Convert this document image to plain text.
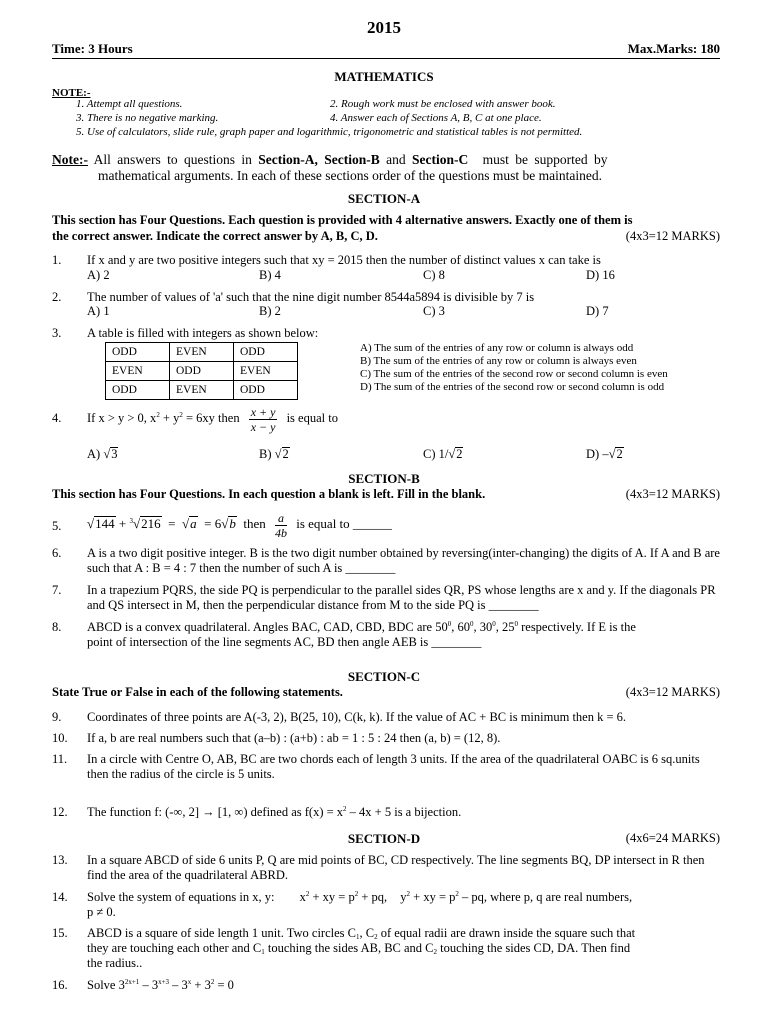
2015
Time: 3 Hours	Max.Marks: 180
MATHEMATICS
NOTE:-
1. Attempt all questions.	2. Rough work must be enclosed with answer book.
3. There is no negative marking.	4. Answer each of Sections A, B, C at one place.
5. Use of calculators, slide rule, graph paper and logarithmic, trigonometric and statistical tables is not permitted.
Note:- All answers to questions in Section-A, Section-B and Section-C must be supported by
mathematical arguments. In each of these sections order of the questions must be maintained.
SECTION-A
This section has Four Questions. Each question is provided with 4 alternative answers. Exactly one of them is
the correct answer. Indicate the correct answer by A, B, C, D.	(4x3=12 MARKS)
1. If x and y are two positive integers such that xy = 2015 then the number of distinct values x can take is
A) 2	B) 4	C) 8	D) 16
2. The number of values of 'a' such that the nine digit number 8544a5894 is divisible by 7 is
A) 1	B) 2	C) 3	D) 7
3. A table is filled with integers as shown below:
ODD	EVEN	ODD
EVEN	ODD	EVEN
ODD	EVEN	ODD
A) The sum of the entries of any row or column is always odd
B) The sum of the entries of any row or column is always even
C) The sum of the entries of the second row or second column is even
D) The sum of the entries of the second row or second column is odd
4. If x > y > 0, $x^2 + y^2 = 6xy$ then $\frac{x + y}{x - y}$ is equal to
A) √3	B) √2	C) 1/√2	D) –√2
SECTION-B
This section has Four Questions. In each question a blank is left. Fill in the blank.	(4x3=12 MARKS)
5. √144 + $^3$√216 =  √a = 6√b then $\frac{a}{4b}$ is equal to ______
6. A is a two digit positive integer. B is the two digit number obtained by reversing(inter-changing) the digits of A. If A and B are such that A : B = 4 : 7 then the number of such A is ________
7. In a trapezium PQRS, the side PQ is perpendicular to the parallel sides QR, PS whose lengths are x and y. If the diagonals PR and QS intersect in M, then the perpendicular distance from M to the side PQ is ________
8. ABCD is a convex quadrilateral. Angles BAC, CAD, CBD, BDC are $50^0$, $60^0$, $30^0$, $25^0$ respectively. If E is the
point of intersection of the line segments AC, BD then angle AEB is ________
SECTION-C
State True or False in each of the following statements.	(4x3=12 MARKS)
9. Coordinates of three points are A(-3, 2), B(25, 10), C(k, k). If the value of AC + BC is minimum then k = 6.
10. If a, b are real numbers such that (a–b) : (a+b) : ab = 1 : 5 : 24 then (a, b) = (12, 8).
11. In a circle with Centre O, AB, BC are two chords each of length 3 units. If the area of the quadrilateral OABC is 6 sq.units then the radius of the circle is 5 units.
12. The function f: (-∞, 2] → [1, ∞) defined as $f(x) = x^2 - 4x + 5$ is a bijection.
SECTION-D	(4x6=24 MARKS)
13. In a square ABCD of side 6 units P, Q are mid points of BC, CD respectively. The line segments BQ, DP intersect in R then find the area of the quadrilateral ABRD.
14. Solve the system of equations in x, y: $x^2$ + xy = $p^2$ + pq, $y^2$ + xy = $p^2$ – pq, where p, q are real numbers,
p ≠ 0.
15. ABCD is a square of side length 1 unit. Two circles $C_1$, $C_2$ of equal radii are drawn inside the square such that
they are touching each other and $C_1$ touching the sides AB, BC and $C_2$ touching the sides CD, DA. Then find
the radius..
16. Solve $3^{2x+1} - 3^{x+3} - 3^x + 3^2 = 0$
